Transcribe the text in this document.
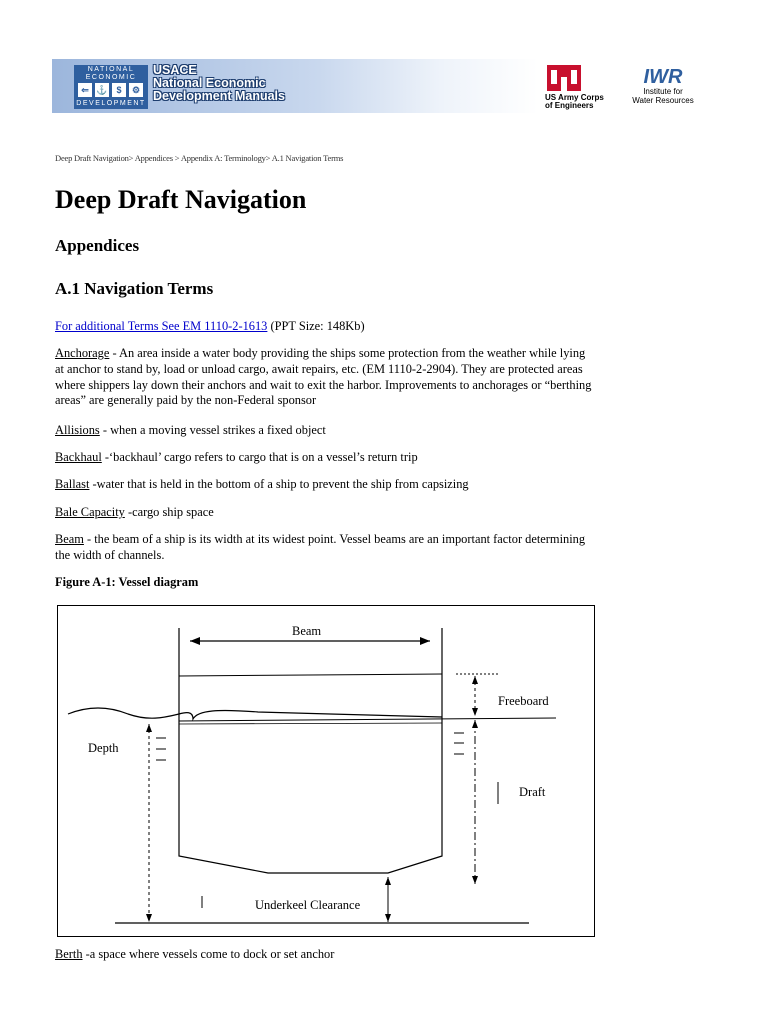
NATIONAL
ECONOMIC
⇐ ⚓ $	⚙
DEVELOPMENT
USACE
National Economic
Development Manuals	US Army Corps
of Engineers
IWR
Institute for
Water Resources
Deep Draft Navigation> Appendices > Appendix A: Terminology> A.1 Navigation Terms
Deep Draft Navigation
Appendices
A.1 Navigation Terms
For additional Terms See EM 1110-2-1613 (PPT Size: 148Kb)
Anchorage - An area inside a water body providing the ships some protection from the weather while lying at anchor to stand by, load or unload cargo, await repairs, etc. (EM 1110-2-2904). They are protected areas where shippers lay down their anchors and wait to exit the harbor. Improvements to anchorages or “berthing areas” are generally paid by the non-Federal sponsor
Allisions - when a moving vessel strikes a fixed object
Backhaul -‘backhaul’ cargo refers to cargo that is on a vessel’s return trip
Ballast -water that is held in the bottom of a ship to prevent the ship from capsizing
Bale Capacity -cargo ship space
Beam - the beam of a ship is its width at its widest point. Vessel beams are an important factor determining the width of channels.
Figure A-1: Vessel diagram
Beam
Freeboard
Depth
Draft
Underkeel Clearance
Berth -a space where vessels come to dock or set anchor
